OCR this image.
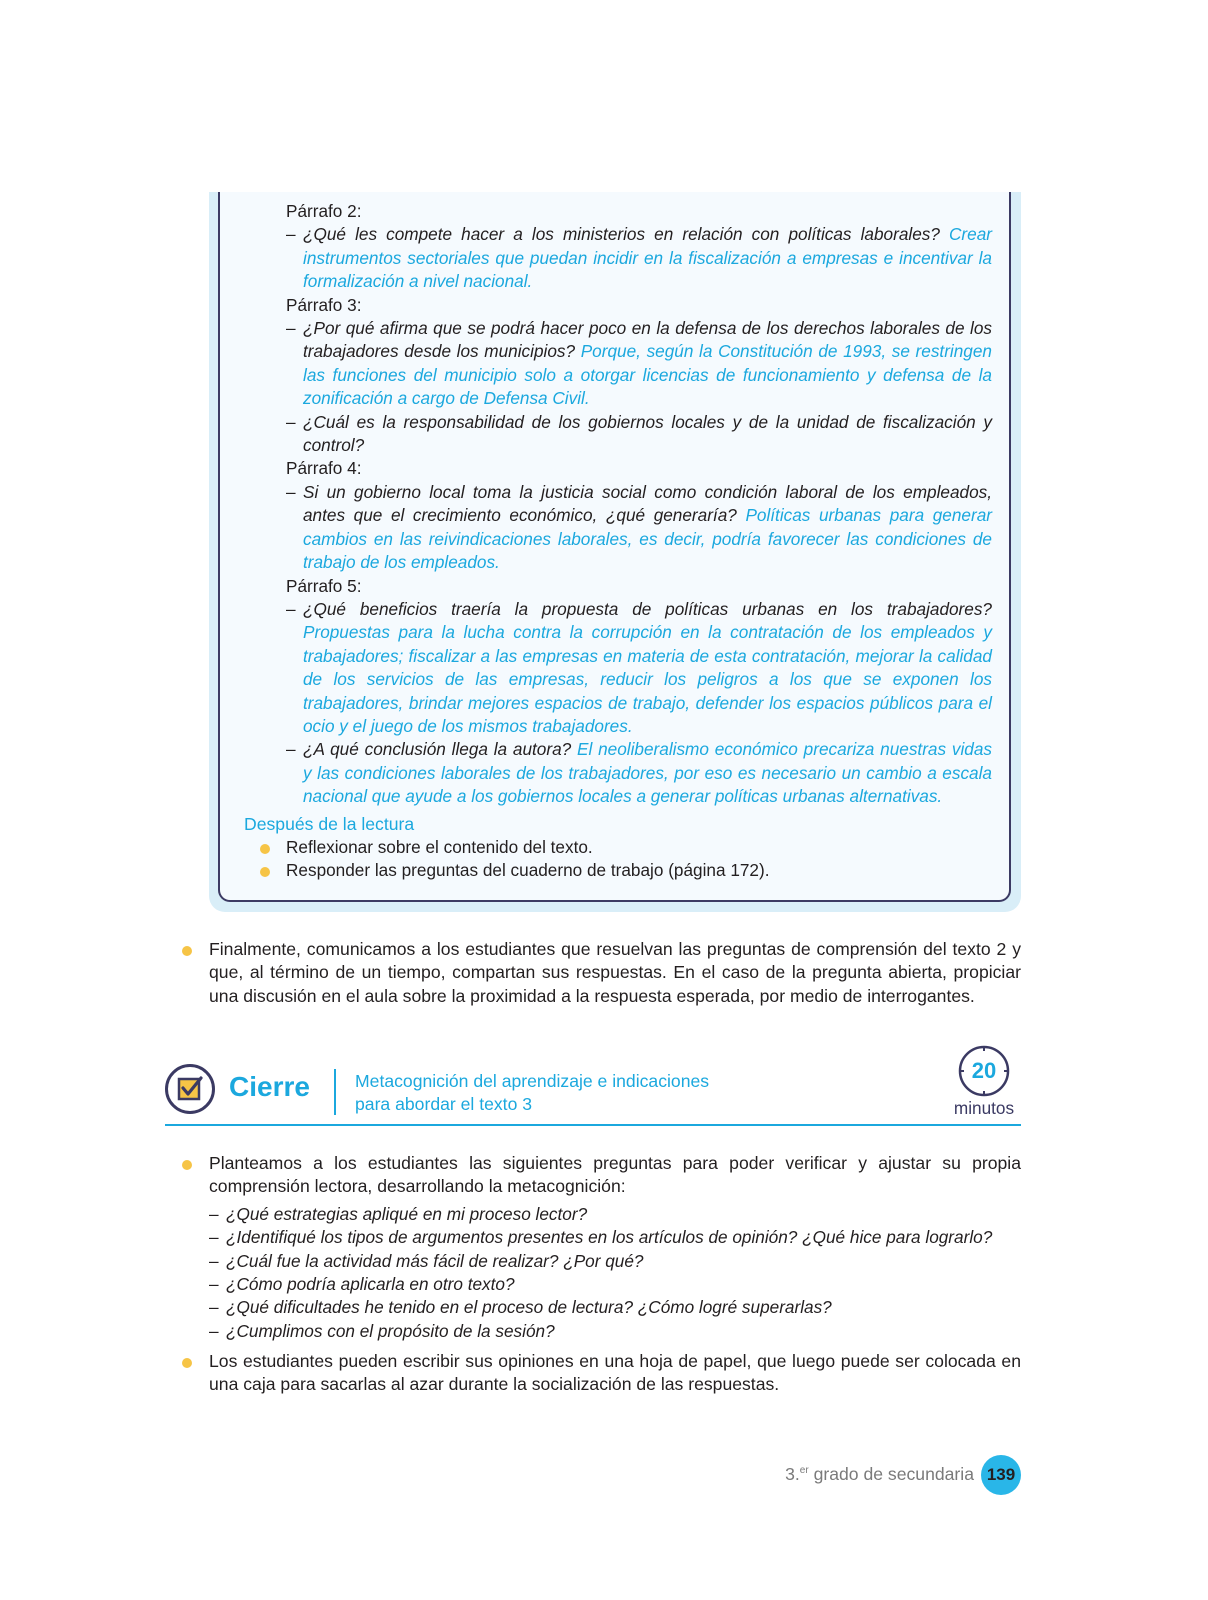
Párrafo 2:
– ¿Qué les compete hacer a los ministerios en relación con políticas laborales? Crear instrumentos sectoriales que puedan incidir en la fiscalización a empresas e incentivar la formalización a nivel nacional.
Párrafo 3:
– ¿Por qué afirma que se podrá hacer poco en la defensa de los derechos laborales de los trabajadores desde los municipios? Porque, según la Constitución de 1993, se restringen las funciones del municipio solo a otorgar licencias de funcionamiento y defensa de la zonificación a cargo de Defensa Civil.
– ¿Cuál es la responsabilidad de los gobiernos locales y de la unidad de fiscalización y control?
Párrafo 4:
– Si un gobierno local toma la justicia social como condición laboral de los empleados, antes que el crecimiento económico, ¿qué generaría? Políticas urbanas para generar cambios en las reivindicaciones laborales, es decir, podría favorecer las condiciones de trabajo de los empleados.
Párrafo 5:
– ¿Qué beneficios traería la propuesta de políticas urbanas en los trabajadores? Propuestas para la lucha contra la corrupción en la contratación de los empleados y trabajadores; fiscalizar a las empresas en materia de esta contratación, mejorar la calidad de los servicios de las empresas, reducir los peligros a los que se exponen los trabajadores, brindar mejores espacios de trabajo, defender los espacios públicos para el ocio y el juego de los mismos trabajadores.
– ¿A qué conclusión llega la autora? El neoliberalismo económico precariza nuestras vidas y las condiciones laborales de los trabajadores, por eso es necesario un cambio a escala nacional que ayude a los gobiernos locales a generar políticas urbanas alternativas.
Después de la lectura
Reflexionar sobre el contenido del texto.
Responder las preguntas del cuaderno de trabajo (página 172).
Finalmente, comunicamos a los estudiantes que resuelvan las preguntas de comprensión del texto 2 y que, al término de un tiempo, compartan sus respuestas. En el caso de la pregunta abierta, propiciar una discusión en el aula sobre la proximidad a la respuesta esperada, por medio de interrogantes.
Cierre	Metacognición del aprendizaje e indicaciones
para abordar el texto 3
20
minutos
Planteamos a los estudiantes las siguientes preguntas para poder verificar y ajustar su propia comprensión lectora, desarrollando la metacognición:
– ¿Qué estrategias apliqué en mi proceso lector?
– ¿Identifiqué los tipos de argumentos presentes en los artículos de opinión? ¿Qué hice para lograrlo?
– ¿Cuál fue la actividad más fácil de realizar? ¿Por qué?
– ¿Cómo podría aplicarla en otro texto?
– ¿Qué dificultades he tenido en el proceso de lectura? ¿Cómo logré superarlas?
– ¿Cumplimos con el propósito de la sesión?
Los estudiantes pueden escribir sus opiniones en una hoja de papel, que luego puede ser colocada en una caja para sacarlas al azar durante la socialización de las respuestas.
3.$^{er}$ grado de secundaria 139
